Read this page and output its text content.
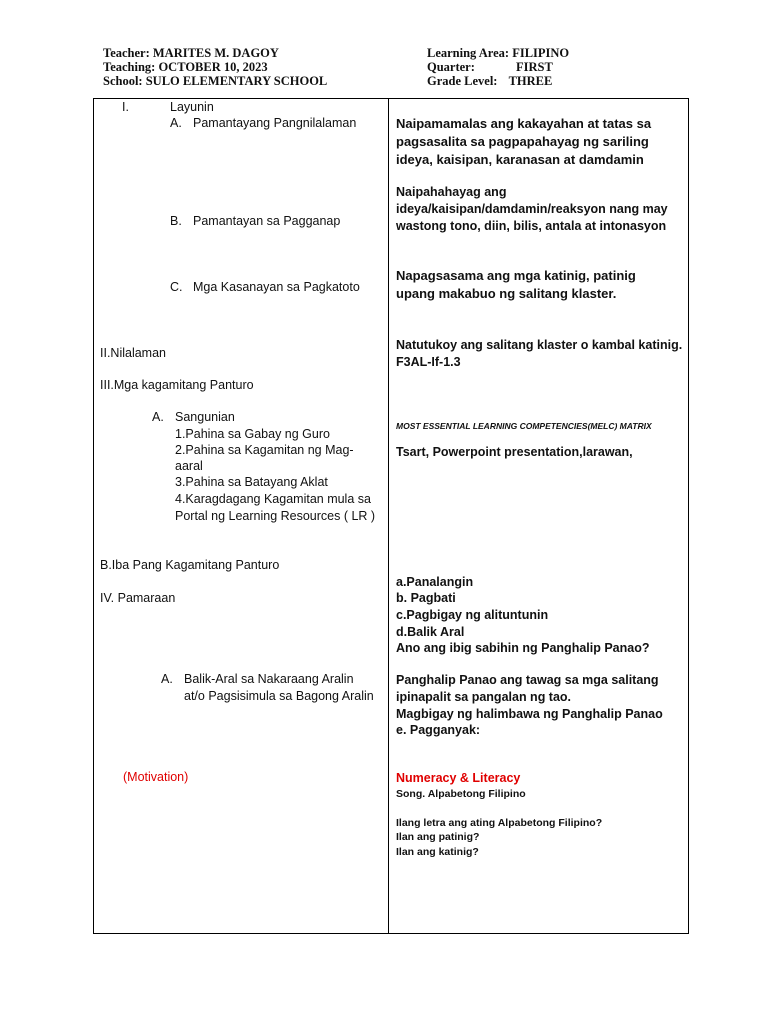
Teacher: MARITES M. DAGOY
Teaching: OCTOBER 10, 2023
School: SULO ELEMENTARY SCHOOL
Learning Area: FILIPINO
Quarter:	FIRST
Grade Level: THREE
I.	Layunin
A. Pamantayang Pangnilalaman
B. Pamantayan sa Pagganap
C. Mga Kasanayan sa Pagkatoto
II.Nilalaman
III.Mga kagamitang Panturo
A. Sangunian
1.Pahina sa Gabay ng Guro
2.Pahina sa Kagamitan ng Mag-
aaral
3.Pahina sa Batayang Aklat
4.Karagdagang Kagamitan mula sa
Portal ng Learning Resources ( LR )
B.Iba Pang Kagamitang Panturo
IV. Pamaraan
A. Balik-Aral sa Nakaraang Aralin
at/o Pagsisimula sa Bagong Aralin
(Motivation)
Naipamamalas ang kakayahan at tatas sa
pagsasalita sa pagpapahayag ng sariling
ideya, kaisipan, karanasan at damdamin
Naipahahayag ang
ideya/kaisipan/damdamin/reaksyon nang may
wastong tono, diin, bilis, antala at intonasyon
Napagsasama ang mga katinig, patinig
upang makabuo ng salitang klaster.
Natutukoy ang salitang klaster o kambal katinig.
F3AL-If-1.3
MOST ESSENTIAL LEARNING COMPETENCIES(MELC) MATRIX
Tsart, Powerpoint presentation,larawan,
a.Panalangin
b. Pagbati
c.Pagbigay ng alituntunin
d.Balik Aral
Ano ang ibig sabihin ng Panghalip Panao?
Panghalip Panao ang tawag sa mga salitang
ipinapalit sa pangalan ng tao.
Magbigay ng halimbawa ng Panghalip Panao
e. Pagganyak:
Numeracy & Literacy
Song. Alpabetong Filipino
Ilang letra ang ating Alpabetong Filipino?
Ilan ang patinig?
Ilan ang katinig?
